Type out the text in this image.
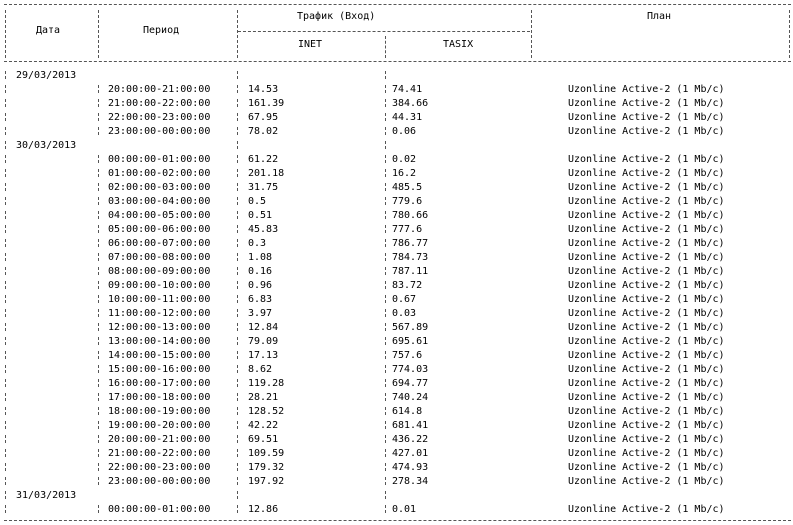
Дата	Период
Трафик (Вход)
INET	TASIX
План
29/03/2013
20:00:00-21:00:00	14.53	74.41	Uzonline Active-2 (1 Mb/c)
21:00:00-22:00:00	161.39	384.66	Uzonline Active-2 (1 Mb/c)
22:00:00-23:00:00	67.95	44.31	Uzonline Active-2 (1 Mb/c)
23:00:00-00:00:00	78.02	0.06	Uzonline Active-2 (1 Mb/c)
30/03/2013
00:00:00-01:00:00	61.22	0.02	Uzonline Active-2 (1 Mb/c)
01:00:00-02:00:00	201.18	16.2	Uzonline Active-2 (1 Mb/c)
02:00:00-03:00:00	31.75	485.5	Uzonline Active-2 (1 Mb/c)
03:00:00-04:00:00	0.5	779.6	Uzonline Active-2 (1 Mb/c)
04:00:00-05:00:00	0.51	780.66	Uzonline Active-2 (1 Mb/c)
05:00:00-06:00:00	45.83	777.6	Uzonline Active-2 (1 Mb/c)
06:00:00-07:00:00	0.3	786.77	Uzonline Active-2 (1 Mb/c)
07:00:00-08:00:00	1.08	784.73	Uzonline Active-2 (1 Mb/c)
08:00:00-09:00:00	0.16	787.11	Uzonline Active-2 (1 Mb/c)
09:00:00-10:00:00	0.96	83.72	Uzonline Active-2 (1 Mb/c)
10:00:00-11:00:00	6.83	0.67	Uzonline Active-2 (1 Mb/c)
11:00:00-12:00:00	3.97	0.03	Uzonline Active-2 (1 Mb/c)
12:00:00-13:00:00	12.84	567.89	Uzonline Active-2 (1 Mb/c)
13:00:00-14:00:00	79.09	695.61	Uzonline Active-2 (1 Mb/c)
14:00:00-15:00:00	17.13	757.6	Uzonline Active-2 (1 Mb/c)
15:00:00-16:00:00	8.62	774.03	Uzonline Active-2 (1 Mb/c)
16:00:00-17:00:00	119.28	694.77	Uzonline Active-2 (1 Mb/c)
17:00:00-18:00:00	28.21	740.24	Uzonline Active-2 (1 Mb/c)
18:00:00-19:00:00	128.52	614.8	Uzonline Active-2 (1 Mb/c)
19:00:00-20:00:00	42.22	681.41	Uzonline Active-2 (1 Mb/c)
20:00:00-21:00:00	69.51	436.22	Uzonline Active-2 (1 Mb/c)
21:00:00-22:00:00	109.59	427.01	Uzonline Active-2 (1 Mb/c)
22:00:00-23:00:00	179.32	474.93	Uzonline Active-2 (1 Mb/c)
23:00:00-00:00:00	197.92	278.34	Uzonline Active-2 (1 Mb/c)
31/03/2013
00:00:00-01:00:00	12.86	0.01	Uzonline Active-2 (1 Mb/c)
